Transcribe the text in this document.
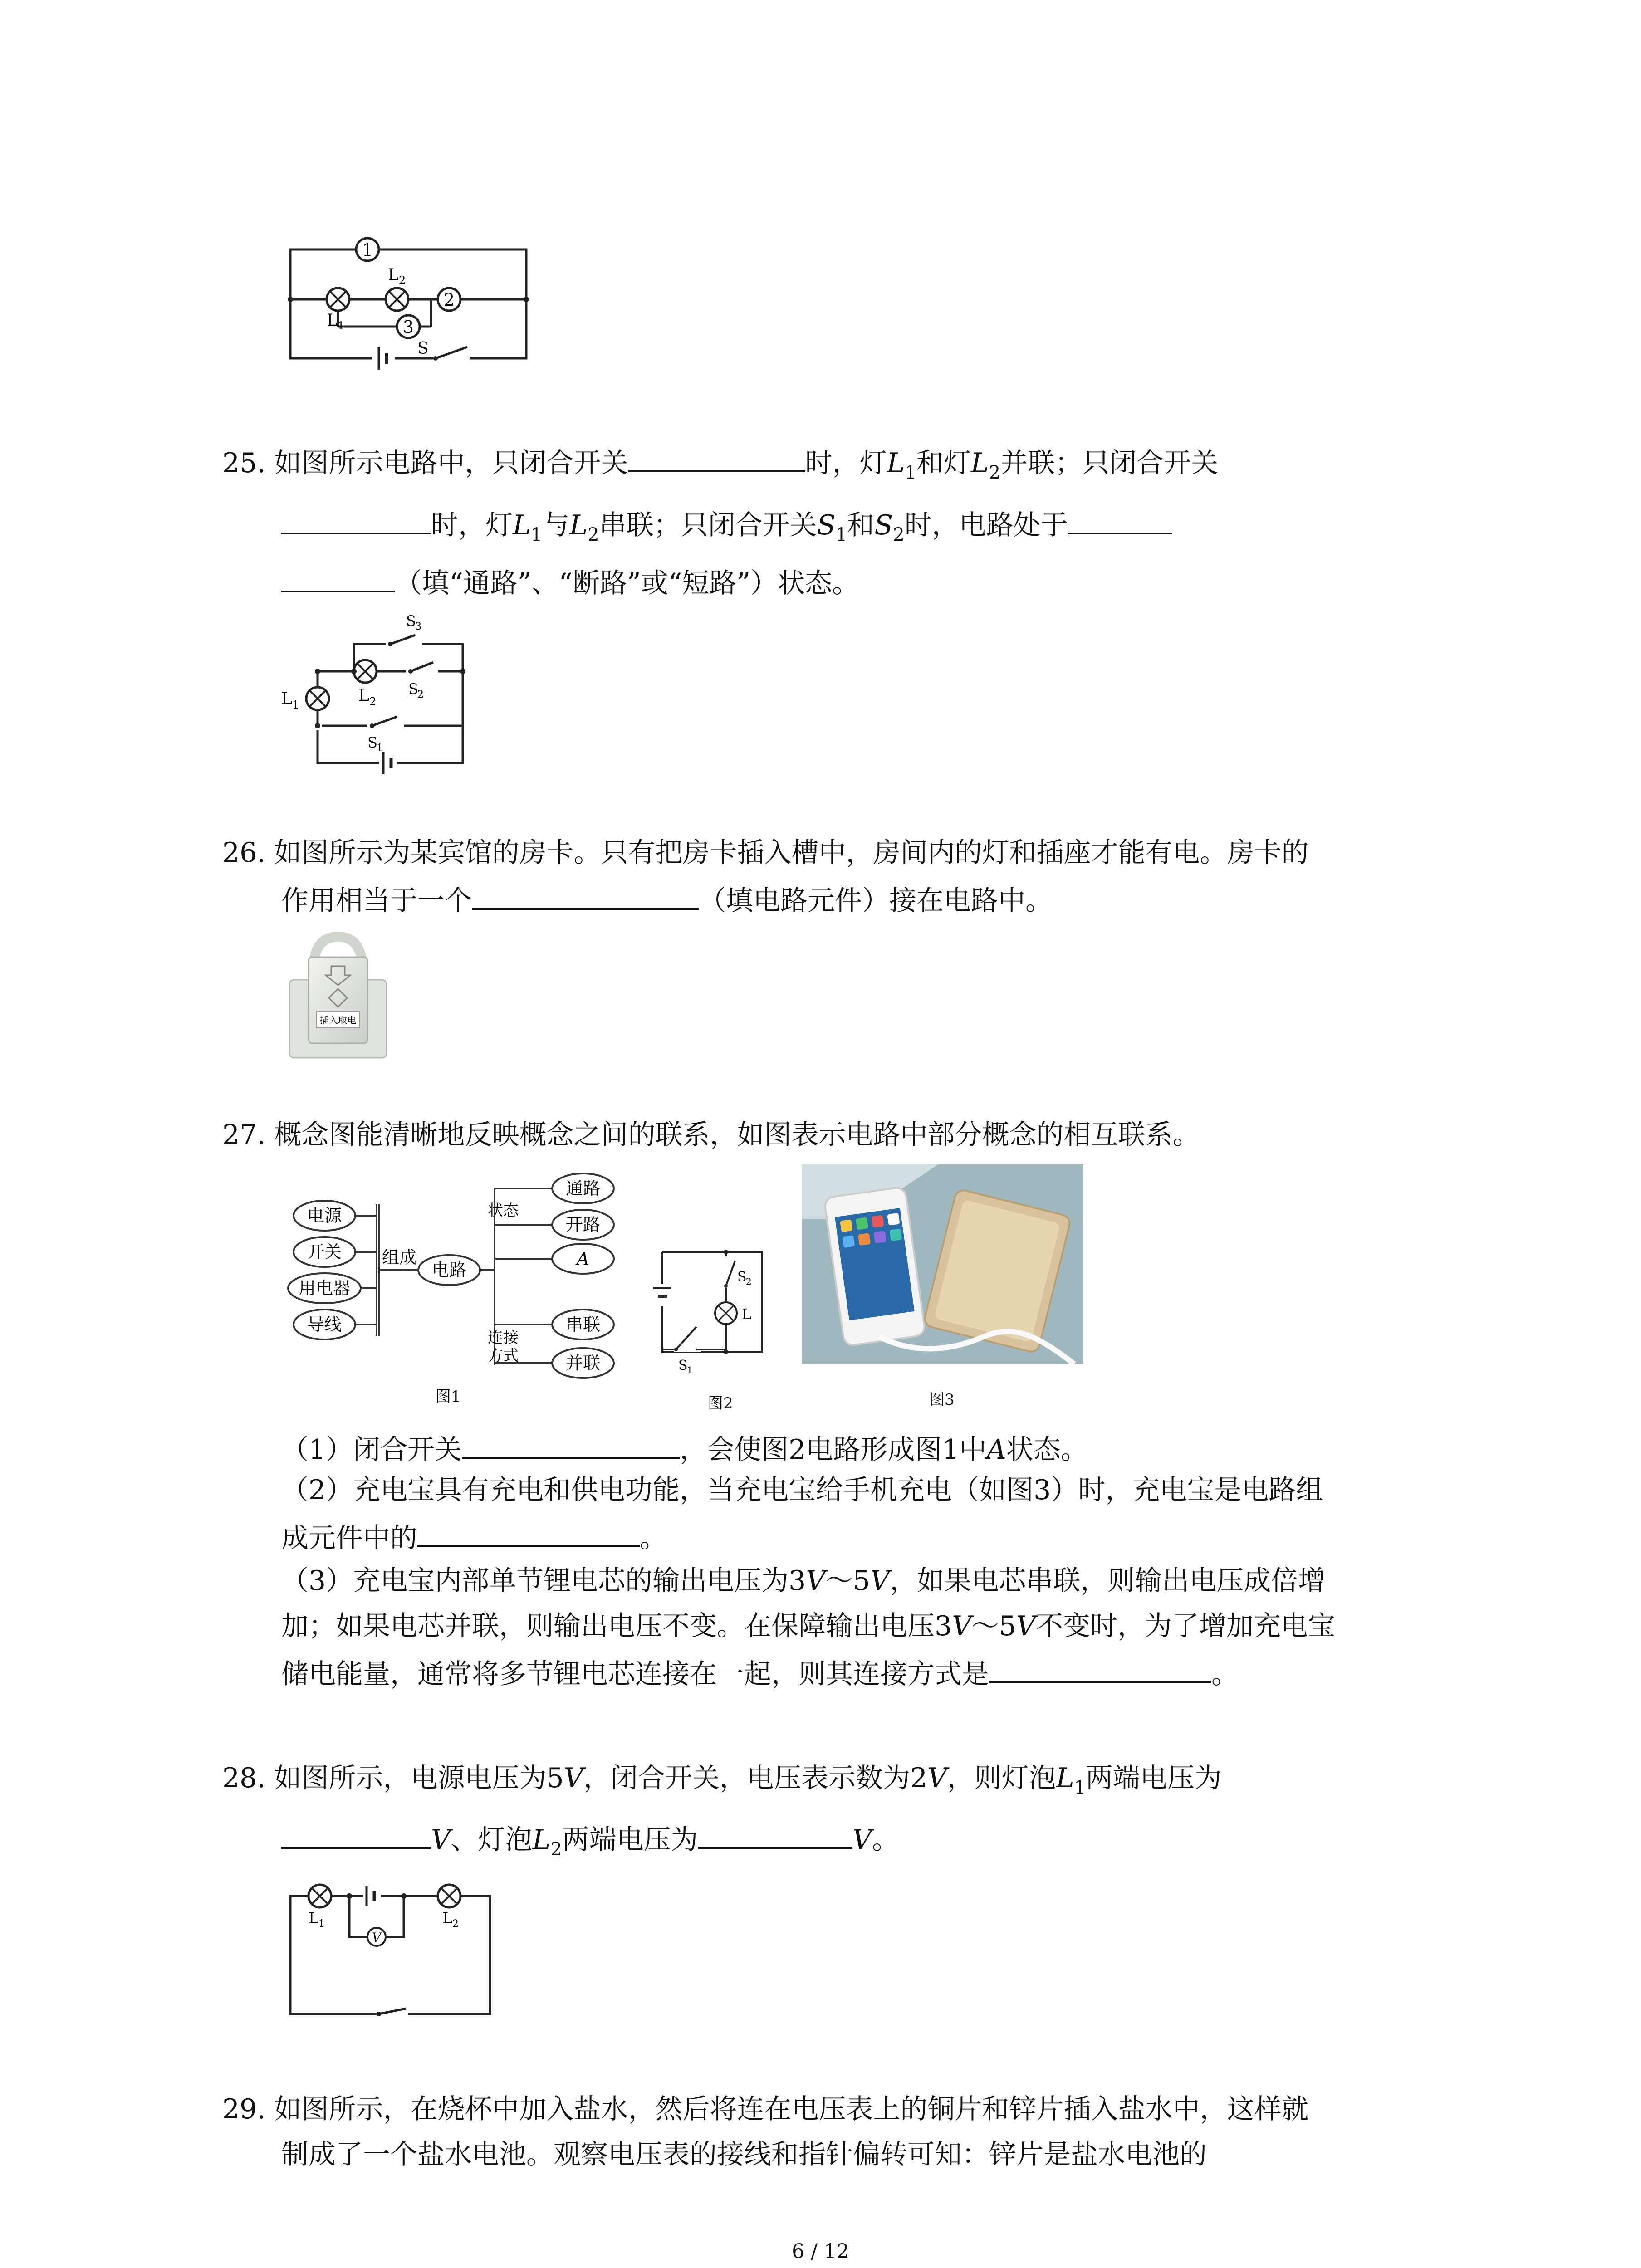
1
2
3
L 1
L 2
S
25. 如图所示电路中，只闭合开关	时，灯$L_1$和灯$L_2$并联；只闭合开关
时，灯$L_1$与$L_2$串联；只闭合开关$S_1$和$S_2$时，电路处于
（填“通路”、“断路”或“短路”）状态。
L 1	L 2
S
3
S
2
S
1
26. 如图所示为某宾馆的房卡。只有把房卡插入槽中，房间内的灯和插座才能有电。房卡的
作用相当于一个	（填电路元件）接在电路中。
插入取电
27. 概念图能清晰地反映概念之间的联系，如图表示电路中部分概念的相互联系。
电源
开关
用电器
导线
组成
电路
状态
连接
方式
通路
开路
A
串联
并联
图1
S
2
L
S
1
图2	图3
（1）闭合开关	，会使图2电路形成图1中A状态。
（2）充电宝具有充电和供电功能，当充电宝给手机充电（如图3）时，充电宝是电路组
成元件中的	。
（3）充电宝内部单节锂电芯的输出电压为3V～5V，如果电芯串联，则输出电压成倍增
加；如果电芯并联，则输出电压不变。在保障输出电压3V～5V不变时，为了增加充电宝
储电能量，通常将多节锂电芯连接在一起，则其连接方式是	。
28. 如图所示，电源电压为5V，闭合开关，电压表示数为2V，则灯泡$L_1$两端电压为
V、灯泡$L_2$两端电压为	V。
L 1	L 2
V
29. 如图所示，在烧杯中加入盐水，然后将连在电压表上的铜片和锌片插入盐水中，这样就
制成了一个盐水电池。观察电压表的接线和指针偏转可知：锌片是盐水电池的
6 / 12
